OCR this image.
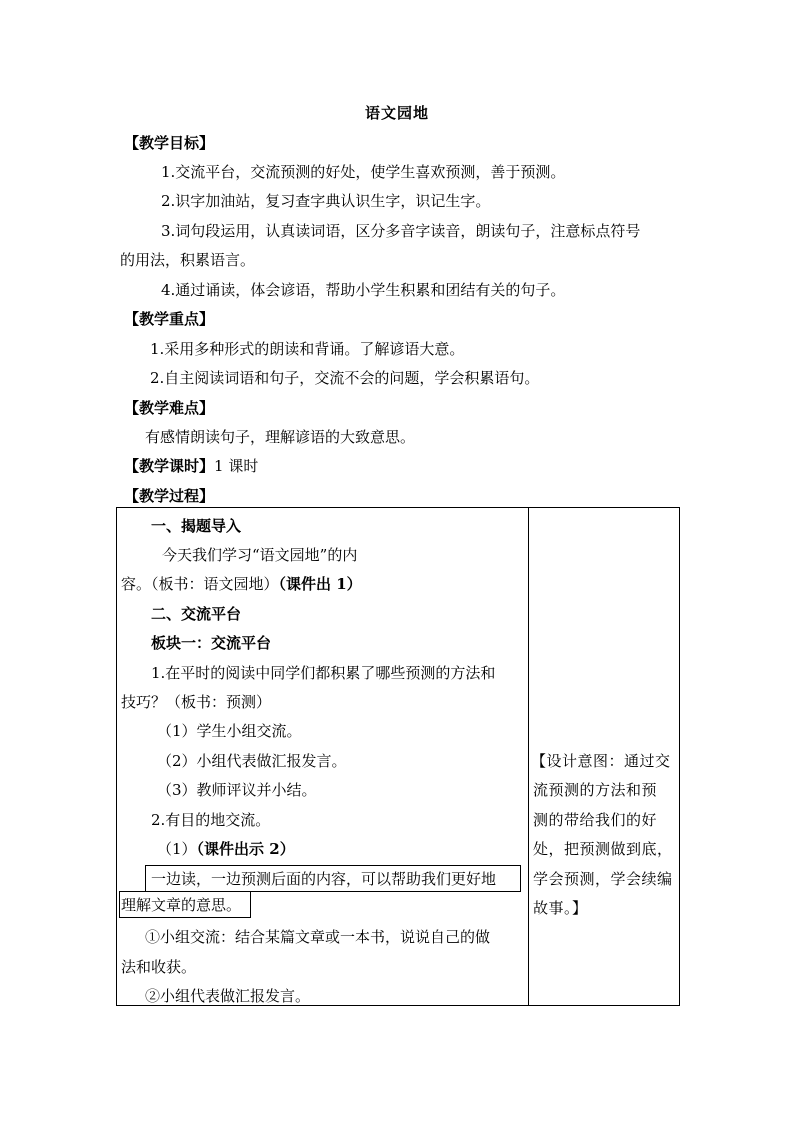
语文园地
【教学目标】
1.交流平台，交流预测的好处，使学生喜欢预测，善于预测。
2.识字加油站，复习查字典认识生字，识记生字。
3.词句段运用，认真读词语，区分多音字读音，朗读句子，注意标点符号
的用法，积累语言。
4.通过诵读，体会谚语，帮助小学生积累和团结有关的句子。
【教学重点】
1.采用多种形式的朗读和背诵。了解谚语大意。
2.自主阅读词语和句子，交流不会的问题，学会积累语句。
【教学难点】
有感情朗读句子，理解谚语的大致意思。
【教学课时】1 课时
【教学过程】
一、揭题导入
今天我们学习“语文园地”的内
容。（板书：语文园地）（课件出 1）
二、交流平台
板块一：交流平台
1.在平时的阅读中同学们都积累了哪些预测的方法和
技巧？（板书：预测）
（1）学生小组交流。
（2）小组代表做汇报发言。
（3）教师评议并小结。
2.有目的地交流。
（1）（课件出示 2）
一边读，一边预测后面的内容，可以帮助我们更好地
理解文章的意思。
①小组交流：结合某篇文章或一本书，说说自己的做
法和收获。
②小组代表做汇报发言。
【设计意图：通过交
流预测的方法和预
测的带给我们的好
处，把预测做到底，
学会预测，学会续编
故事。】
